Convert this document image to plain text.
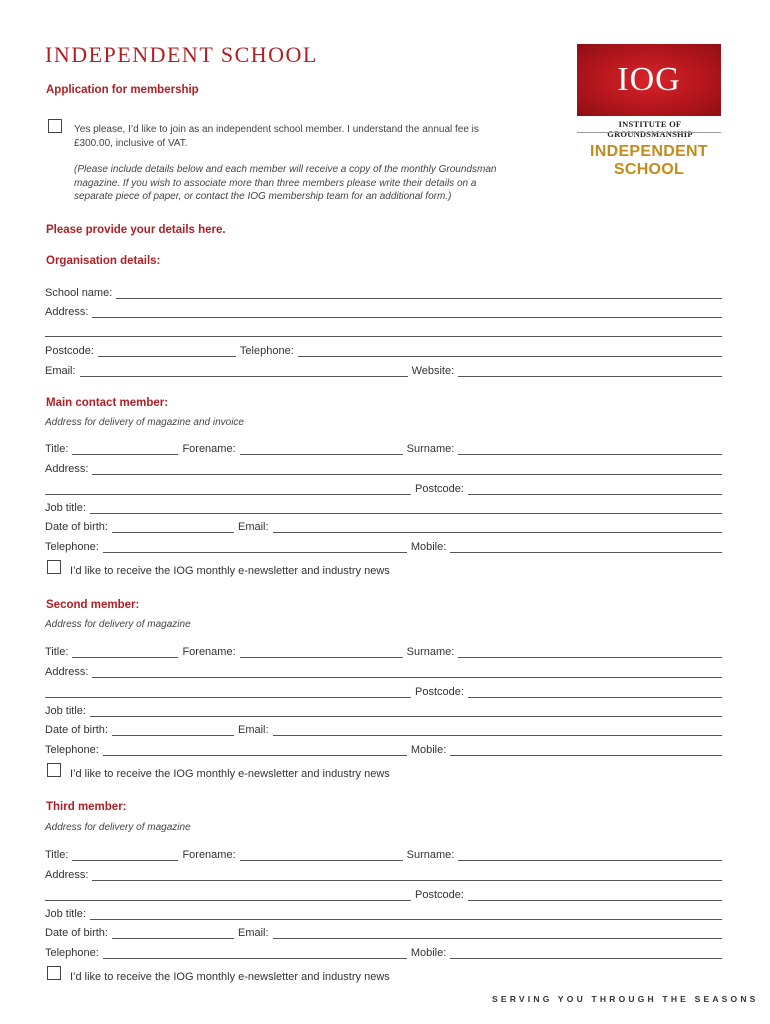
INDEPENDENT SCHOOL
Application for membership	IOG
INSTITUTE OF GROUNDSMANSHIP
INDEPENDENT
SCHOOL
Yes please, I’d like to join as an independent school member. I understand the annual fee is
£300.00, inclusive of VAT.
(Please include details below and each member will receive a copy of the monthly Groundsman
magazine. If you wish to associate more than three members please write their details on a
separate piece of paper, or contact the IOG membership team for an additional form.)
Please provide your details here.
Organisation details:
School name:
Address:
Postcode:	Telephone:
Email:	Website:
Main contact member:
Address for delivery of magazine and invoice
Title:	Forename:	Surname:
Address:
Postcode:
Job title:
Date of birth:	Email:
Telephone:	Mobile:
I’d like to receive the IOG monthly e-newsletter and industry news
Second member:
Address for delivery of magazine
Title:	Forename:	Surname:
Address:
Postcode:
Job title:
Date of birth:	Email:
Telephone:	Mobile:
I’d like to receive the IOG monthly e-newsletter and industry news
Third member:
Address for delivery of magazine
Title:	Forename:	Surname:
Address:
Postcode:
Job title:
Date of birth:	Email:
Telephone:	Mobile:
I’d like to receive the IOG monthly e-newsletter and industry news
SERVING YOU THROUGH THE SEASONS
